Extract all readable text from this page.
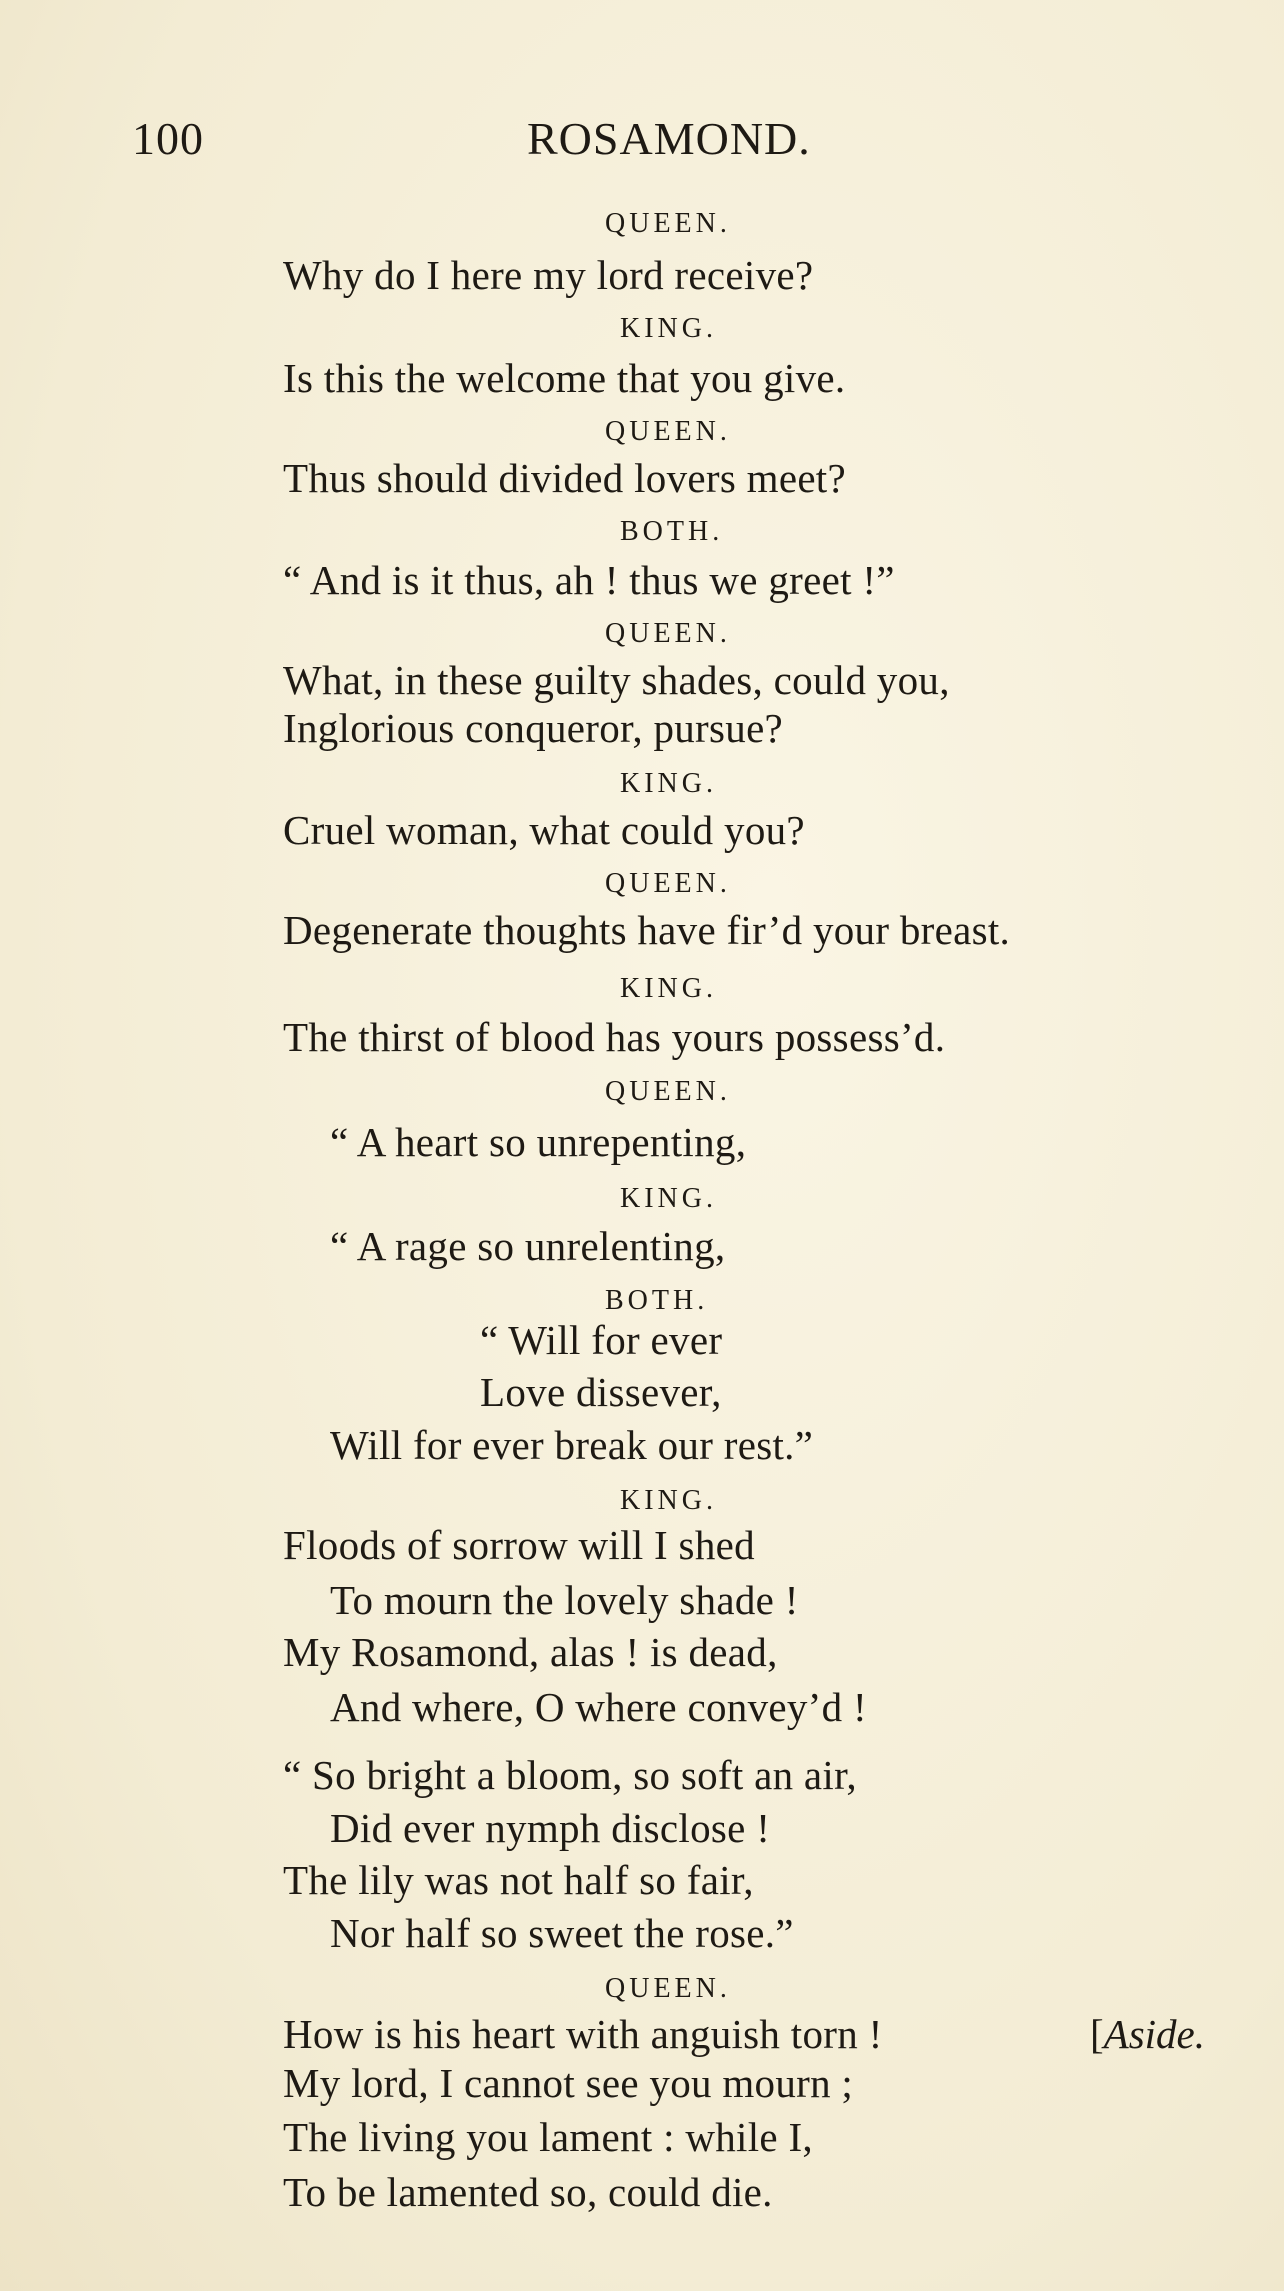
100	ROSAMOND.
QUEEN.
Why do I here my lord receive?
KING.
Is this the welcome that you give.
QUEEN.
Thus should divided lovers meet?
BOTH.
“ And is it thus, ah ! thus we greet !”
QUEEN.
What, in these guilty shades, could you,
Inglorious conqueror, pursue?
KING.
Cruel woman, what could you?
QUEEN.
Degenerate thoughts have fir’d your breast.
KING.
The thirst of blood has yours possess’d.
QUEEN.
“ A heart so unrepenting,
KING.
“ A rage so unrelenting,
BOTH.
“ Will for ever
Love dissever,
Will for ever break our rest.”
KING.
Floods of sorrow will I shed
To mourn the lovely shade !
My Rosamond, alas ! is dead,
And where, O where convey’d !
“ So bright a bloom, so soft an air,
Did ever nymph disclose !
The lily was not half so fair,
Nor half so sweet the rose.”
QUEEN.
How is his heart with anguish torn !
My lord, I cannot see you mourn ;
The living you lament : while I,
To be lamented so, could die.
[Aside.
